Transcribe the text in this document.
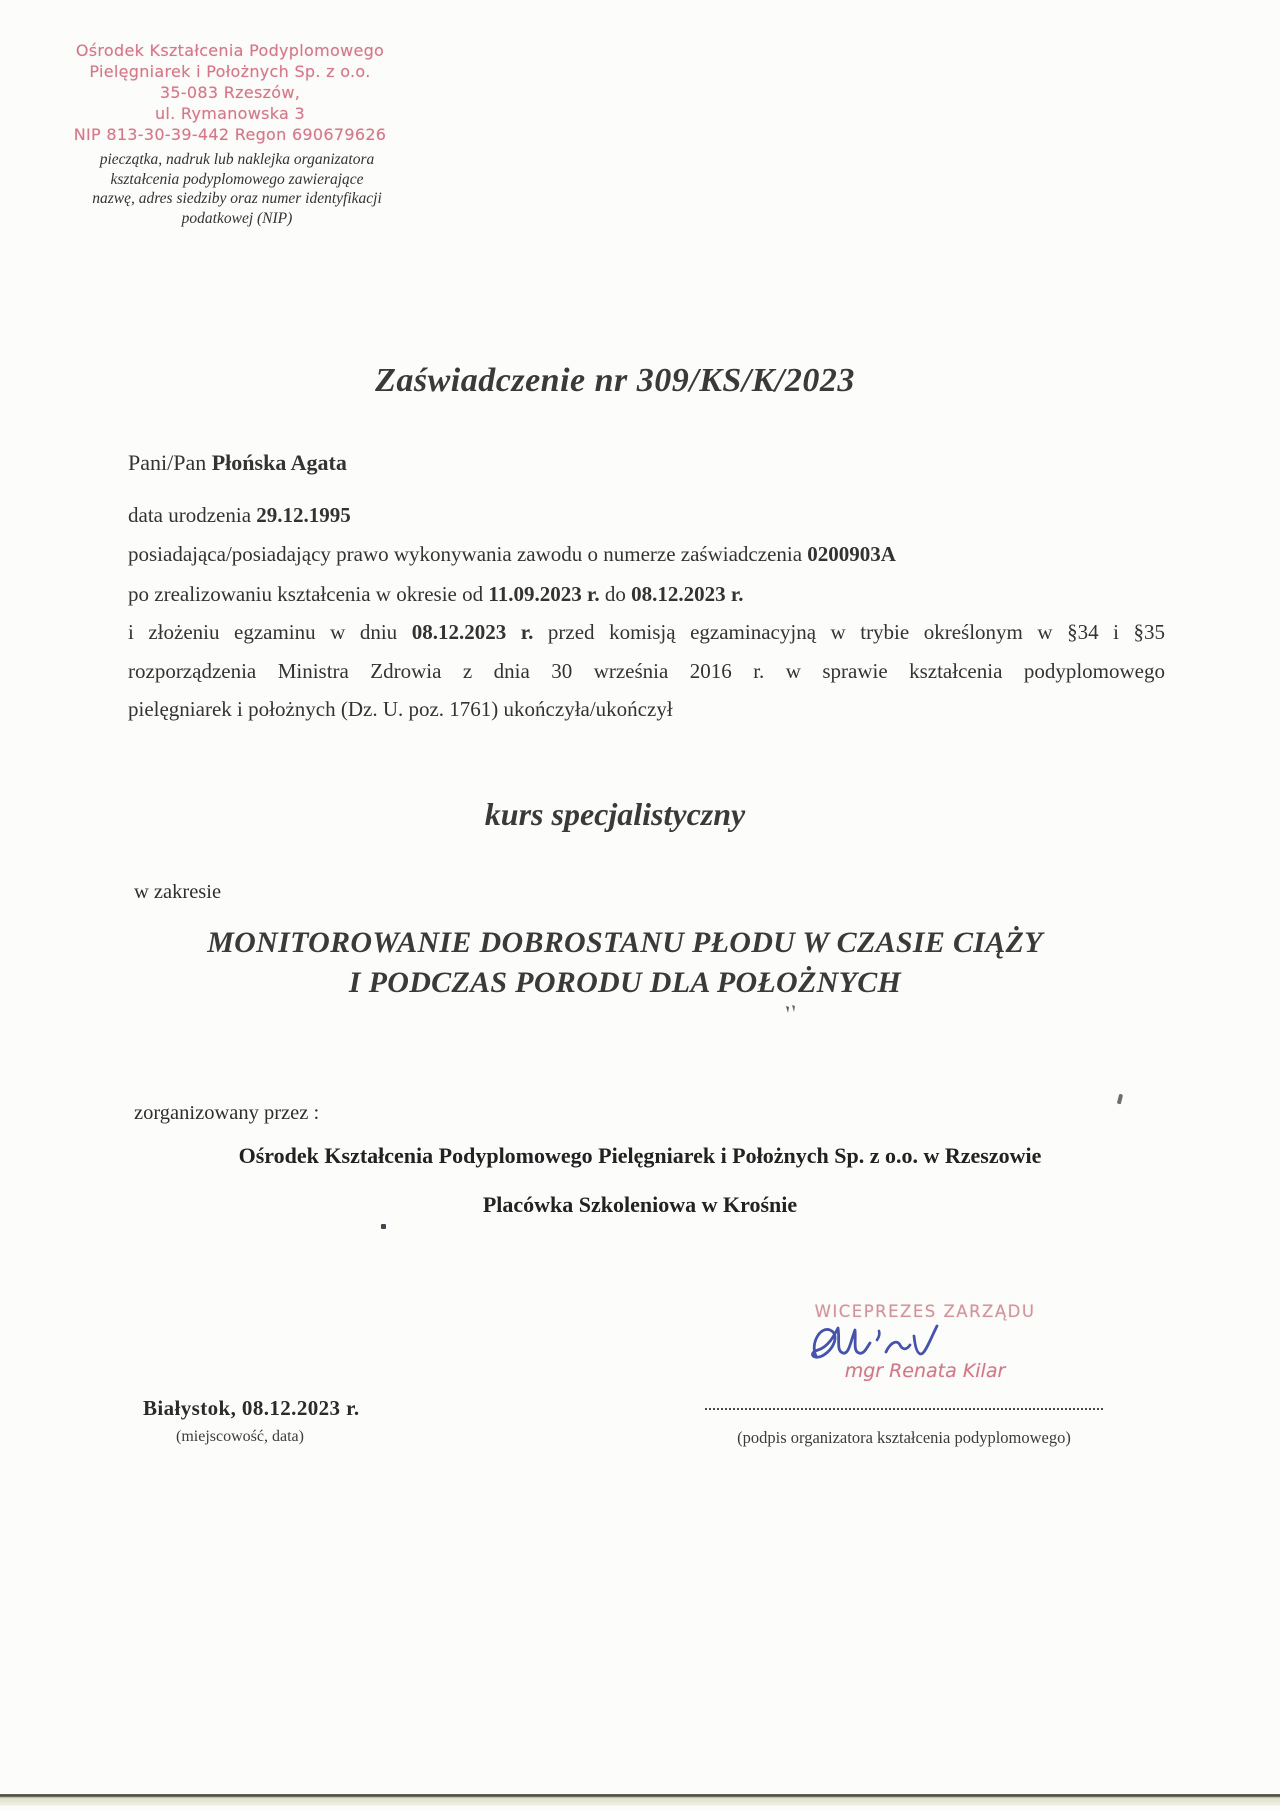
Ośrodek Kształcenia Podyplomowego
Pielęgniarek i Położnych Sp. z o.o.
35-083 Rzeszów,
ul. Rymanowska 3
NIP 813-30-39-442 Regon 690679626
pieczątka, nadruk lub naklejka organizatora
kształcenia podyplomowego zawierające
nazwę, adres siedziby oraz numer identyfikacji
podatkowej (NIP)
Zaświadczenie nr 309/KS/K/2023
Pani/Pan Płońska Agata
data urodzenia 29.12.1995
posiadająca/posiadający prawo wykonywania zawodu o numerze zaświadczenia 0200903A
po zrealizowaniu kształcenia w okresie od 11.09.2023 r. do 08.12.2023 r.
i złożeniu egzaminu w dniu 08.12.2023 r. przed komisją egzaminacyjną w trybie określonym w §34 i §35
rozporządzenia Ministra Zdrowia z dnia 30 września 2016 r. w sprawie kształcenia podyplomowego
pielęgniarek i położnych (Dz. U. poz. 1761) ukończyła/ukończył
kurs specjalistyczny
w zakresie
MONITOROWANIE DOBROSTANU PŁODU W CZASIE CIĄŻY
I PODCZAS PORODU DLA POŁOŻNYCH
zorganizowany przez :
Ośrodek Kształcenia Podyplomowego Pielęgniarek i Położnych Sp. z o.o. w Rzeszowie
Placówka Szkoleniowa w Krośnie
WICEPREZES ZARZĄDU
mgr Renata Kilar
Białystok, 08.12.2023 r.
(miejscowość, data)	(podpis organizatora kształcenia podyplomowego)
